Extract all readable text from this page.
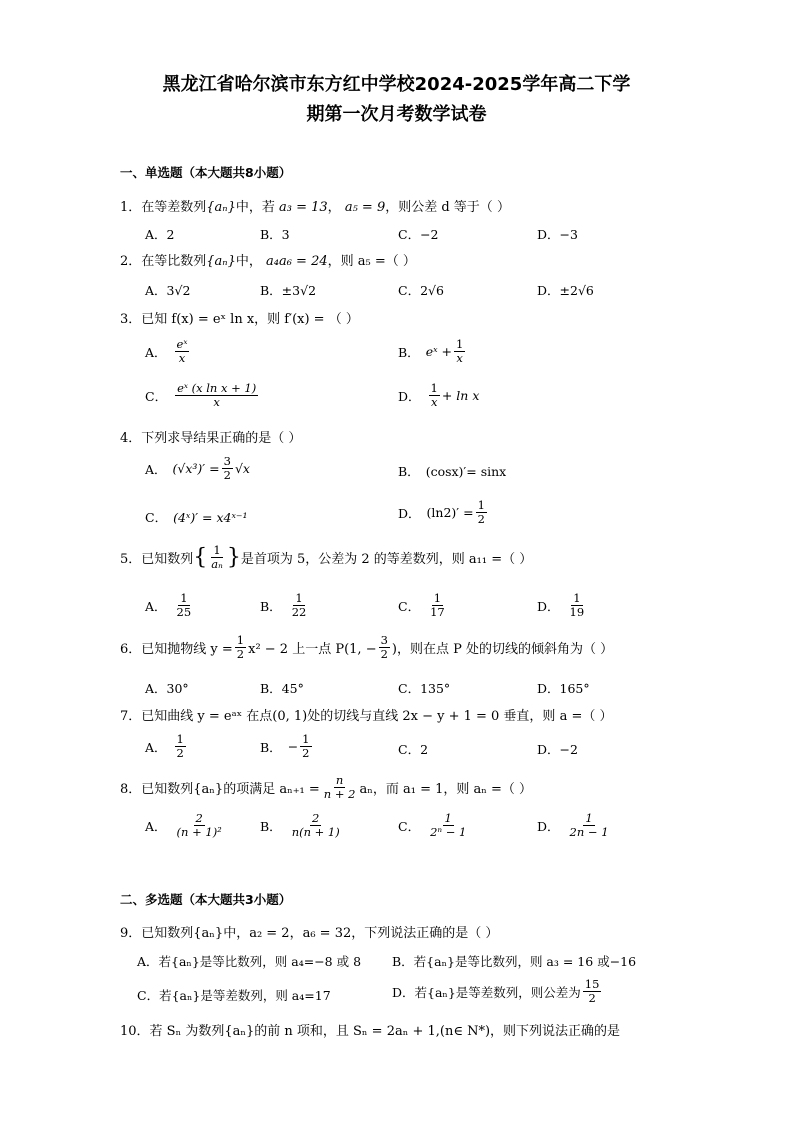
黑龙江省哈尔滨市东方红中学校2024-2025学年高二下学
期第一次月考数学试卷
一、单选题（本大题共8小题）
1．在等差数列{aₙ}中，若 a₃ = 13， a₅ = 9，则公差 d 等于（ ）
A．2	B．3	C．−2	D．−3
2．在等比数列{aₙ}中， a₄a₆ = 24，则 a₅ =（ ）
A．3√2	B．±3√2	C．2√6	D．±2√6
3．已知 f(x) = eˣ ln x，则 f′(x) = （ ）
A． $\frac{\text{eˣ}}{x}$	B． eˣ + $\frac{1}{x}$
C． $\frac{\text{eˣ (x ln x + 1)}}{x}$	D． $\frac{1}{x} + \ln x$
4．下列求导结果正确的是（ ）
A． $(√x^3)' = \frac{3}{2} √x$	B． (cosx)′= sinx
C． (4ˣ)′ = x4ˣ⁻¹	D． $(\ln 2)' = \frac{1}{2}$
5．已知数列 { $\frac{1}{\text{aₙ}}$ } 是首项为 5，公差为 2 的等差数列，则 a₁₁ =（ ）
A． $\frac{1}{25}$	B． $\frac{1}{22}$	C． $\frac{1}{17}$	D． $\frac{1}{19}$
6．已知抛物线 $y = \frac{1}{2} x^2 - 2$ 上一点 P(1, − $\frac{3}{2}$ )，则在点 P 处的切线的倾斜角为（ ）
A．30°	B．45°	C．135°	D．165°
7．已知曲线 y = eᵃˣ 在点(0, 1)处的切线与直线 2x − y + 1 = 0 垂直，则 a =（ ）
A． $\frac{1}{2}$	B． − $\frac{1}{2}$	C．2	D．−2
8．已知数列{aₙ}的项满足 $a_{n+1} = \frac{n}{n + 2}$ aₙ，而 a₁ = 1，则 aₙ =（ ）
A． $\frac{2}{\text{(n + 1)²}}$	B． $\frac{2}{n(n + 1)}$	C． $\frac{1}{\text{2ⁿ − 1}}$	D． $\frac{1}{2n - 1}$
二、多选题（本大题共3小题）
9．已知数列{aₙ}中，a₂ = 2，a₆ = 32，下列说法正确的是（ ）
A．若{aₙ}是等比数列，则 a₄=−8 或 8 B．若{aₙ}是等比数列，则 a₃ = 16 或−16
C．若{aₙ}是等差数列，则 a₄=17	D．若{aₙ}是等差数列，则公差为 $\frac{15}{2}$
10．若 Sₙ 为数列{aₙ}的前 n 项和，且 Sₙ = 2aₙ + 1,(n∈ N*)，则下列说法正确的是
